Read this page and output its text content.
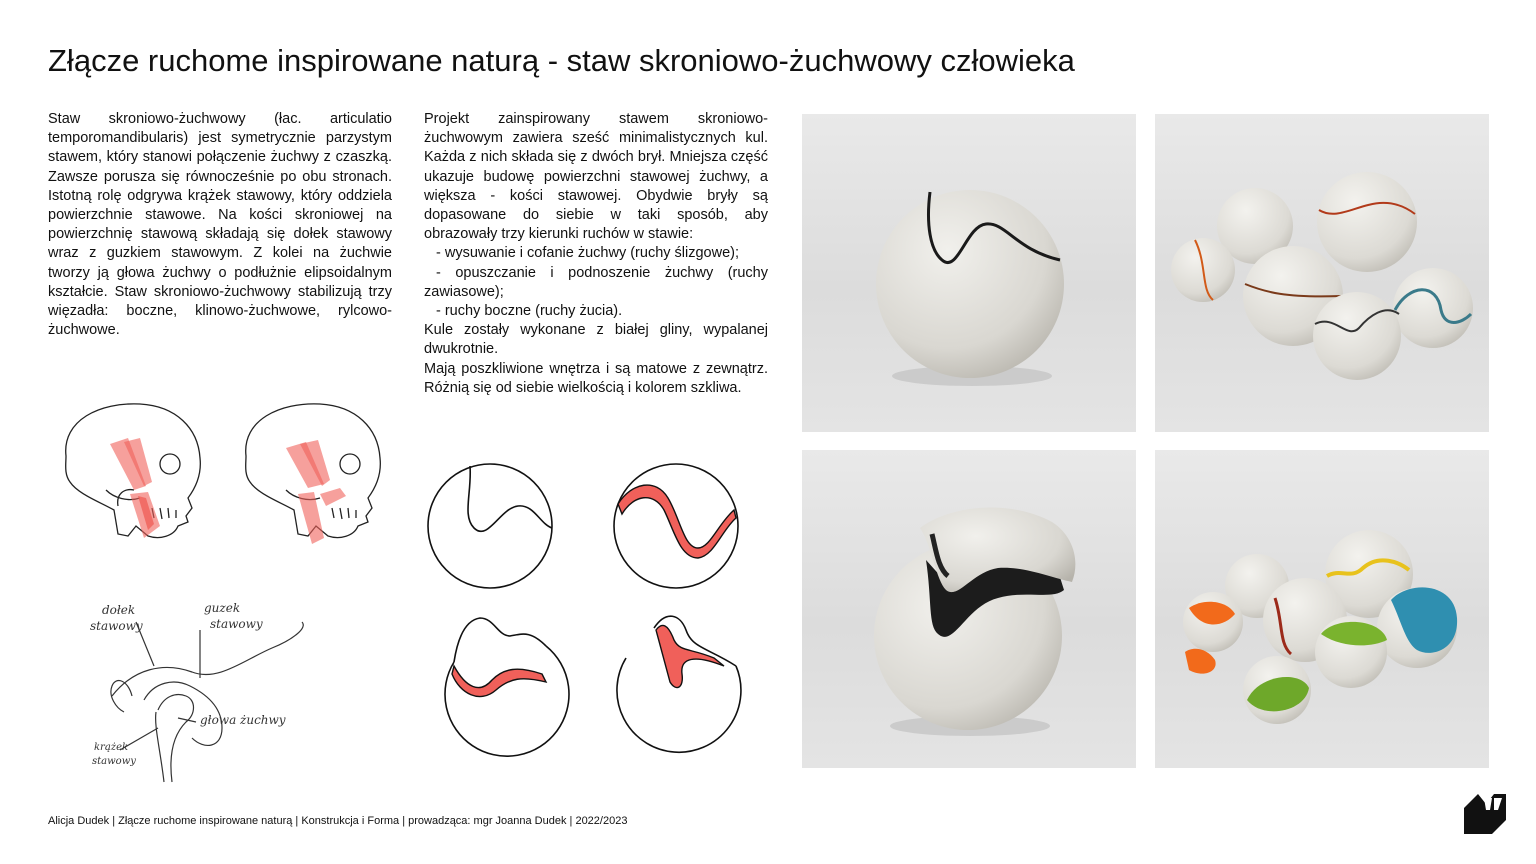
Złącze ruchome inspirowane naturą - staw skroniowo-żuchwowy człowieka

Staw skroniowo-żuchwowy (łac. articulatio temporomandibularis) jest symetrycznie parzystym stawem, który stanowi połączenie żuchwy z czaszką. Zawsze porusza się równocześnie po obu stronach. Istotną rolę odgrywa krążek stawowy, który oddziela powierzchnie stawowe. Na kości skroniowej na powierzchnię stawową składają się dołek stawowy wraz z guzkiem stawowym. Z kolei na żuchwie tworzy ją głowa żuchwy o podłużnie elipsoidalnym kształcie. Staw skroniowo-żuchwowy stabilizują trzy więzadła: boczne, klinowo-żuchwowe, rylcowo-żuchwowe.

Projekt zainspirowany stawem skroniowo-żuchwowym zawiera sześć minimalistycznych kul. Każda z nich składa się z dwóch brył. Mniejsza część ukazuje budowę powierzchni stawowej żuchwy, a większa - kości stawowej. Obydwie bryły są dopasowane do siebie w taki sposób, aby obrazowały trzy kierunki ruchów w stawie:

- wysuwanie i cofanie żuchwy (ruchy ślizgowe);

- opuszczanie i podnoszenie żuchwy (ruchy zawiasowe);

- ruchy boczne (ruchy żucia).

Kule zostały wykonane z białej gliny, wypalanej dwukrotnie.

Mają poszkliwione wnętrza i są matowe z zewnątrz. Różnią się od siebie wielkością i kolorem szkliwa.

dołek
stawowy
guzek
stawowy
głowa żuchwy
krążek
stawowy
Alicja Dudek | Złącze ruchome inspirowane naturą | Konstrukcja i Forma | prowadząca: mgr Joanna Dudek | 2022/2023
